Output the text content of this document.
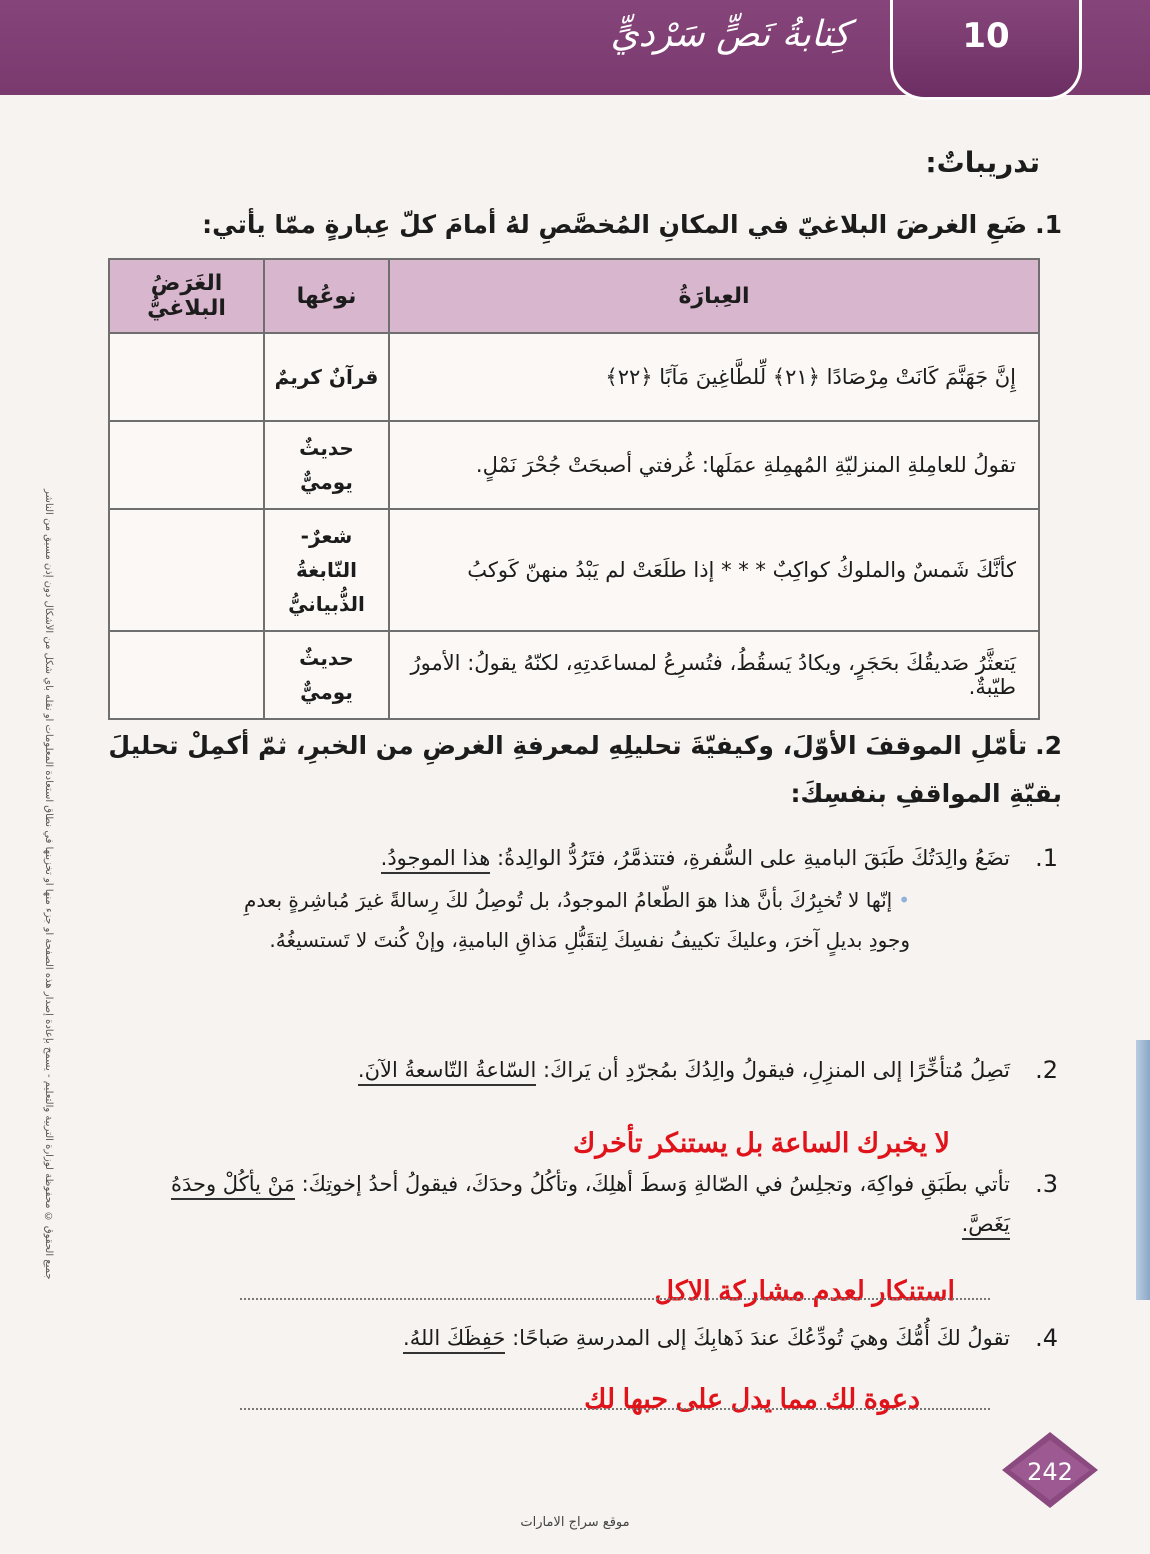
كِتابةُ نَصٍّ سَرْديٍّ	10
جميع الحقوق © محفوظة لوزارة التربية والتعليم - يسمح بإعادة إصدار هذه الصفحة أو جزء منها أو تخزينها في نطاق استعادة المعلومات أو نقله بأي شكل من الأشكال دون إذن مسبق من الناشر
تدريباتٌ:
1.ضَعِ الغرضَ البلاغيّ في المكانِ المُخصَّصِ لهُ أمامَ كلّ عِبارةٍ ممّا يأتي:
العِبارَةُ	نوعُها	الغَرَضُ البلاغيُّ
إِنَّ جَهَنَّمَ كَانَتْ مِرْصَادًا ﴿٢١﴾ لِّلطَّاغِينَ مَآبًا ﴿٢٢﴾	قرآنٌ كريمٌ	
تقولُ للعامِلةِ المنزليّةِ المُهمِلةِ عمَلَها: غُرفتي أصبحَتْ جُحْرَ نَمْلٍ.	حديثٌ يوميٌّ	
كأنَّكَ شَمسٌ والملوكُ كواكِبٌ * * * إذا طلَعَتْ لم يَبْدُ منهنّ كَوكبُ	شعرٌ- النّابغةُ الذُّبيانيُّ	
يَتعثَّرُ صَديقُكَ بحَجَرٍ، ويكادُ يَسقُطُ، فتُسرِعُ لمساعَدتِهِ، لكنّهُ يقولُ: الأمورُ طيّبةٌ.	حديثٌ يوميٌّ	
2.تأمّلِ الموقفَ الأوّلَ، وكيفيّةَ تحليلِهِ لمعرفةِ الغرضِ من الخبرِ، ثمّ أكمِلْ تحليلَ بقيّةِ المواقفِ بنفسِكَ:
1.
تضَعُ والِدَتُكَ طَبَقَ الباميةِ على السُّفرةِ، فتتذمَّرُ، فتَرُدُّ الوالِدةُ: هذا الموجودُ.
•إنّها لا تُخبِرُكَ بأنَّ هذا هوَ الطّعامُ الموجودُ، بل تُوصِلُ لكَ رِسالةً غيرَ مُباشِرةٍ بعدمِ وجودِ بديلٍ آخرَ، وعليكَ تكييفُ نفسِكَ لِتقَبُّلِ مَذاقِ الباميةِ، وإنْ كُنتَ لا تَستسيغُهُ.
2.
تَصِلُ مُتأخِّرًا إلى المنزِلِ، فيقولُ والِدُكَ بمُجرّدِ أن يَراكَ: السّاعةُ التّاسعةُ الآنَ.
لا يخبرك الساعة بل يستنكر تأخرك
3.
تأتي بطَبَقِ فواكِهَ، وتجلِسُ في الصّالةِ وَسطَ أهلِكَ، وتأكُلُ وحدَكَ، فيقولُ أحدُ إخوتِكَ: مَنْ يأكُلْ وحدَهُ يَغَصَّ.
استنكار لعدم مشاركة الاكل
4.
تقولُ لكَ أُمُّكَ وهيَ تُودِّعُكَ عندَ ذَهابِكَ إلى المدرسةِ صَباحًا: حَفِظَكَ اللهُ.
دعوة لك مما يدل على حبها لك
242
موقع سراج الامارات
